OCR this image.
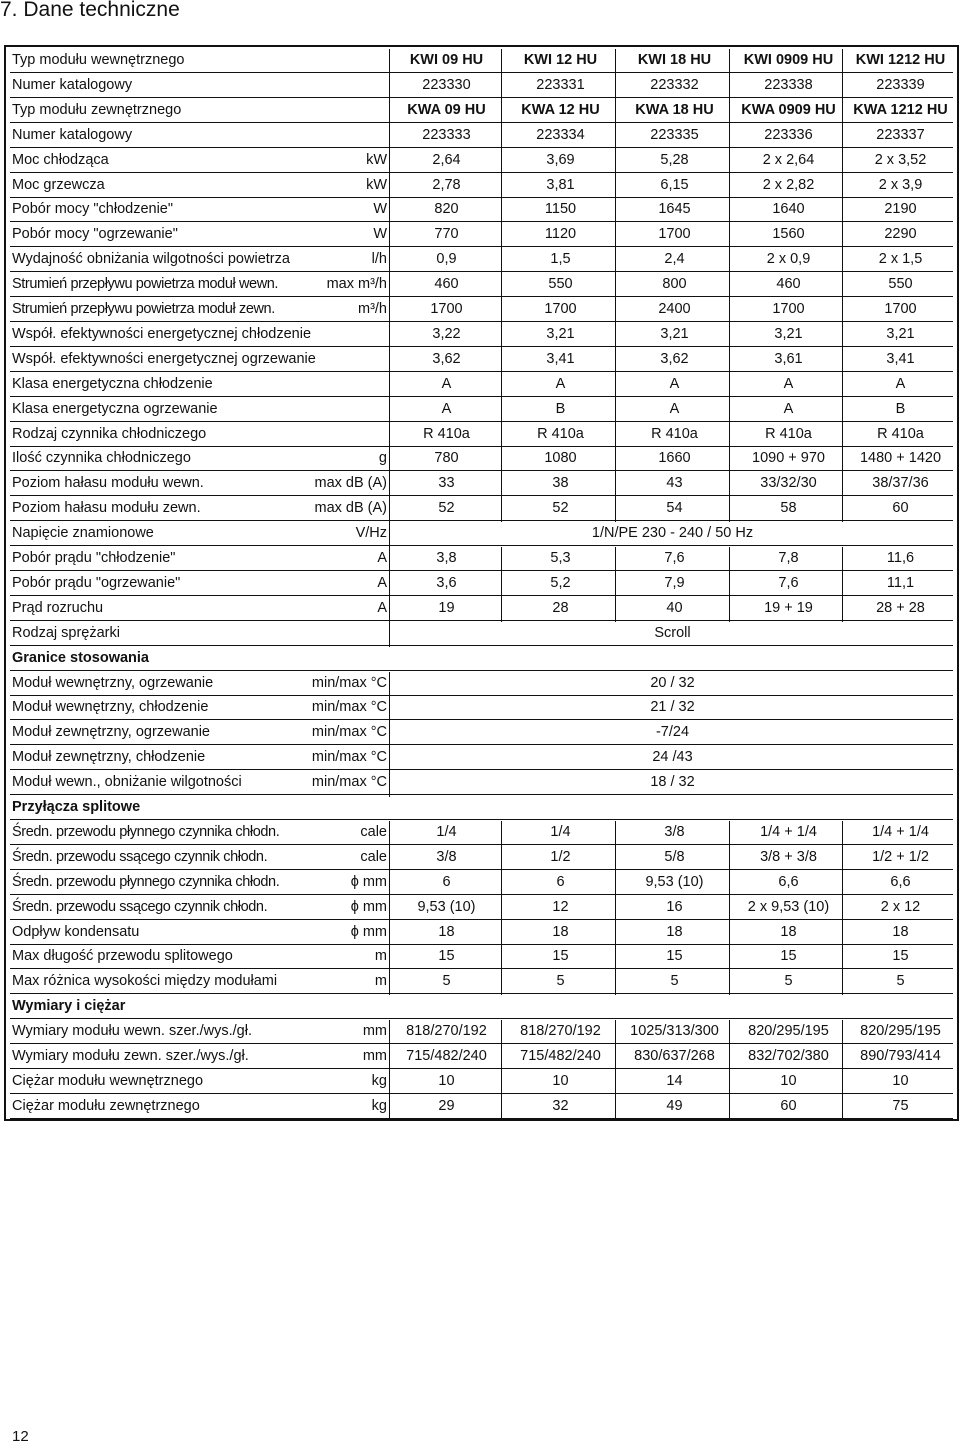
7. Dane techniczne
Typ modułu wewnętrznego	KWI 09 HU	KWI 12 HU	KWI 18 HU	KWI 0909 HU	KWI 1212 HU
Numer katalogowy	223330	223331	223332	223338	223339
Typ modułu zewnętrznego	KWA 09 HU	KWA 12 HU	KWA 18 HU	KWA 0909 HU	KWA 1212 HU
Numer katalogowy	223333	223334	223335	223336	223337
Moc chłodząca	kW	2,64	3,69	5,28	2 x 2,64	2 x 3,52
Moc grzewcza	kW	2,78	3,81	6,15	2 x 2,82	2 x 3,9
Pobór mocy "chłodzenie"	W	820	1150	1645	1640	2190
Pobór mocy "ogrzewanie"	W	770	1120	1700	1560	2290
Wydajność obniżania wilgotności powietrza	l/h	0,9	1,5	2,4	2 x 0,9	2 x 1,5
Strumień przepływu powietrza moduł wewn.	max m³/h	460	550	800	460	550
Strumień przepływu powietrza moduł zewn.	m³/h	1700	1700	2400	1700	1700
Współ. efektywności energetycznej chłodzenie	3,22	3,21	3,21	3,21	3,21
Współ. efektywności energetycznej ogrzewanie	3,62	3,41	3,62	3,61	3,41
Klasa energetyczna chłodzenie	A	A	A	A	A
Klasa energetyczna ogrzewanie	A	B	A	A	B
Rodzaj czynnika chłodniczego	R 410a	R 410a	R 410a	R 410a	R 410a
Ilość czynnika chłodniczego	g	780	1080	1660	1090 + 970	1480 + 1420
Poziom hałasu modułu wewn.	max dB (A)	33	38	43	33/32/30	38/37/36
Poziom hałasu modułu zewn.	max dB (A)	52	52	54	58	60
Napięcie znamionowe	V/Hz	1/N/PE 230 - 240 / 50 Hz
Pobór prądu "chłodzenie"	A	3,8	5,3	7,6	7,8	11,6
Pobór prądu "ogrzewanie"	A	3,6	5,2	7,9	7,6	11,1
Prąd rozruchu	A	19	28	40	19 + 19	28 + 28
Rodzaj sprężarki	Scroll
Granice stosowania
Moduł wewnętrzny, ogrzewanie	min/max °C	20 / 32
Moduł wewnętrzny, chłodzenie	min/max °C	21 / 32
Moduł zewnętrzny, ogrzewanie	min/max °C	-7/24
Moduł zewnętrzny, chłodzenie	min/max °C	24 /43
Moduł wewn., obniżanie wilgotności	min/max °C	18 / 32
Przyłącza splitowe
Średn. przewodu płynnego czynnika chłodn.	cale	1/4	1/4	3/8	1/4 + 1/4	1/4 + 1/4
Średn. przewodu ssącego czynnik chłodn.	cale	3/8	1/2	5/8	3/8 + 3/8	1/2 + 1/2
Średn. przewodu płynnego czynnika chłodn.	ϕ mm	6	6	9,53 (10)	6,6	6,6
Średn. przewodu ssącego czynnik chłodn.	ϕ mm	9,53 (10)	12	16	2 x 9,53 (10)	2 x 12
Odpływ kondensatu	ϕ mm	18	18	18	18	18
Max długość przewodu splitowego	m	15	15	15	15	15
Max różnica wysokości między modułami	m	5	5	5	5	5
Wymiary i ciężar
Wymiary modułu wewn. szer./wys./gł.	mm	818/270/192	818/270/192	1025/313/300	820/295/195	820/295/195
Wymiary modułu zewn. szer./wys./gł.	mm	715/482/240	715/482/240	830/637/268	832/702/380	890/793/414
Ciężar modułu wewnętrznego	kg	10	10	14	10	10
Ciężar modułu zewnętrznego	kg	29	32	49	60	75
12
